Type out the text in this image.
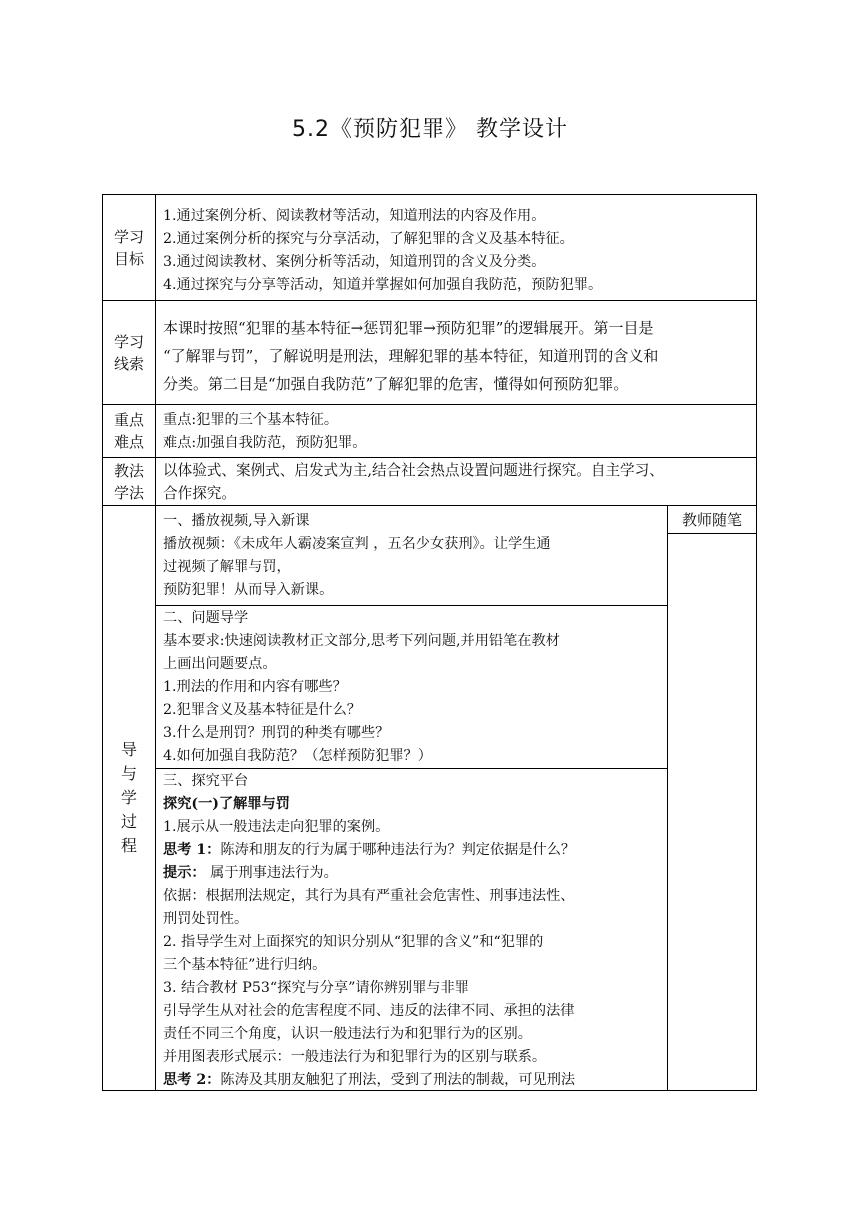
5.2《预防犯罪》 教学设计
学习
目标
1.通过案例分析、阅读教材等活动，知道刑法的内容及作用。
2.通过案例分析的探究与分享活动，了解犯罪的含义及基本特征。
3.通过阅读教材、案例分析等活动，知道刑罚的含义及分类。
4.通过探究与分享等活动，知道并掌握如何加强自我防范，预防犯罪。
学习
线索
本课时按照“犯罪的基本特征→惩罚犯罪→预防犯罪”的逻辑展开。第一目是
“了解罪与罚”，了解说明是刑法，理解犯罪的基本特征，知道刑罚的含义和
分类。第二目是“加强自我防范”了解犯罪的危害，懂得如何预防犯罪。
重点
难点
重点:犯罪的三个基本特征。
难点:加强自我防范，预防犯罪。
教法
学法
以体验式、案例式、启发式为主,结合社会热点设置问题进行探究。自主学习、
合作探究。
导
与
学
过
程
教师随笔
一、播放视频,导入新课
播放视频：《未成年人霸凌案宣判 ，五名少女获刑》。让学生通
过视频了解罪与罚，
预防犯罪！从而导入新课。
二、问题导学
基本要求:快速阅读教材正文部分,思考下列问题,并用铅笔在教材
上画出问题要点。
1.刑法的作用和内容有哪些？
2.犯罪含义及基本特征是什么？
3.什么是刑罚？刑罚的种类有哪些？
4.如何加强自我防范？（怎样预防犯罪？）
三、探究平台
探究(一)了解罪与罚
1.展示从一般违法走向犯罪的案例。
思考 1：陈涛和朋友的行为属于哪种违法行为？判定依据是什么？
提示： 属于刑事违法行为。
依据：根据刑法规定，其行为具有严重社会危害性、刑事违法性、
刑罚处罚性。
2. 指导学生对上面探究的知识分别从“犯罪的含义”和“犯罪的
三个基本特征”进行归纳。
3. 结合教材 P53“探究与分享”请你辨别罪与非罪
引导学生从对社会的危害程度不同、违反的法律不同、承担的法律
责任不同三个角度，认识一般违法行为和犯罪行为的区别。
并用图表形式展示：一般违法行为和犯罪行为的区别与联系。
思考 2：陈涛及其朋友触犯了刑法，受到了刑法的制裁，可见刑法
